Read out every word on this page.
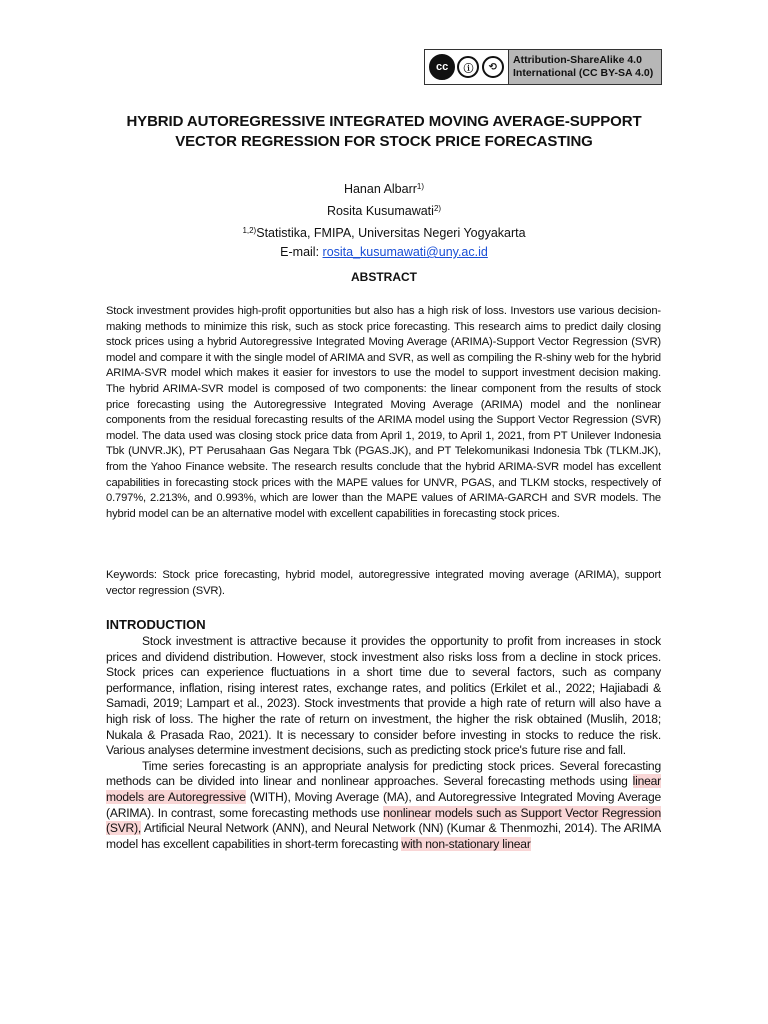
cc	ⓘ	⟲
Attribution-ShareAlike 4.0
International (CC BY-SA 4.0)
HYBRID AUTOREGRESSIVE INTEGRATED MOVING AVERAGE-SUPPORT
VECTOR REGRESSION FOR STOCK PRICE FORECASTING
Hanan Albarr$^{1)}$
Rosita Kusumawati$^{2)}$
$^{1,2)}$Statistika, FMIPA, Universitas Negeri Yogyakarta
E-mail: rosita_kusumawati@uny.ac.id
ABSTRACT
Stock investment provides high-profit opportunities but also has a high risk of loss. Investors use various decision-making methods to minimize this risk, such as stock price forecasting. This research aims to predict daily closing stock prices using a hybrid Autoregressive Integrated Moving Average (ARIMA)-Support Vector Regression (SVR) model and compare it with the single model of ARIMA and SVR, as well as compiling the R-shiny web for the hybrid ARIMA-SVR model which makes it easier for investors to use the model to support investment decision making. The hybrid ARIMA-SVR model is composed of two components: the linear component from the results of stock price forecasting using the Autoregressive Integrated Moving Average (ARIMA) model and the nonlinear components from the residual forecasting results of the ARIMA model using the Support Vector Regression (SVR) model. The data used was closing stock price data from April 1, 2019, to April 1, 2021, from PT Unilever Indonesia Tbk (UNVR.JK), PT Perusahaan Gas Negara Tbk (PGAS.JK), and PT Telekomunikasi Indonesia Tbk (TLKM.JK), from the Yahoo Finance website. The research results conclude that the hybrid ARIMA-SVR model has excellent capabilities in forecasting stock prices with the MAPE values for UNVR, PGAS, and TLKM stocks, respectively of 0.797%, 2.213%, and 0.993%, which are lower than the MAPE values of ARIMA-GARCH and SVR models. The hybrid model can be an alternative model with excellent capabilities in forecasting stock prices.
Keywords: Stock price forecasting, hybrid model, autoregressive integrated moving average (ARIMA), support vector regression (SVR).
INTRODUCTION

Stock investment is attractive because it provides the opportunity to profit from increases in stock prices and dividend distribution. However, stock investment also risks loss from a decline in stock prices. Stock prices can experience fluctuations in a short time due to several factors, such as company performance, inflation, rising interest rates, exchange rates, and politics (Erkilet et al., 2022; Hajiabadi & Samadi, 2019; Lampart et al., 2023). Stock investments that provide a high rate of return will also have a high risk of loss. The higher the rate of return on investment, the higher the risk obtained (Muslih, 2018; Nukala & Prasada Rao, 2021). It is necessary to consider before investing in stocks to reduce the risk. Various analyses determine investment decisions, such as predicting stock price's future rise and fall.

Time series forecasting is an appropriate analysis for predicting stock prices. Several forecasting methods can be divided into linear and nonlinear approaches. Several forecasting methods using linear models are Autoregressive (WITH), Moving Average (MA), and Autoregressive Integrated Moving Average (ARIMA). In contrast, some forecasting methods use nonlinear models such as Support Vector Regression (SVR), Artificial Neural Network (ANN), and Neural Network (NN) (Kumar & Thenmozhi, 2014). The ARIMA model has excellent capabilities in short-term forecasting with non-stationary linear
